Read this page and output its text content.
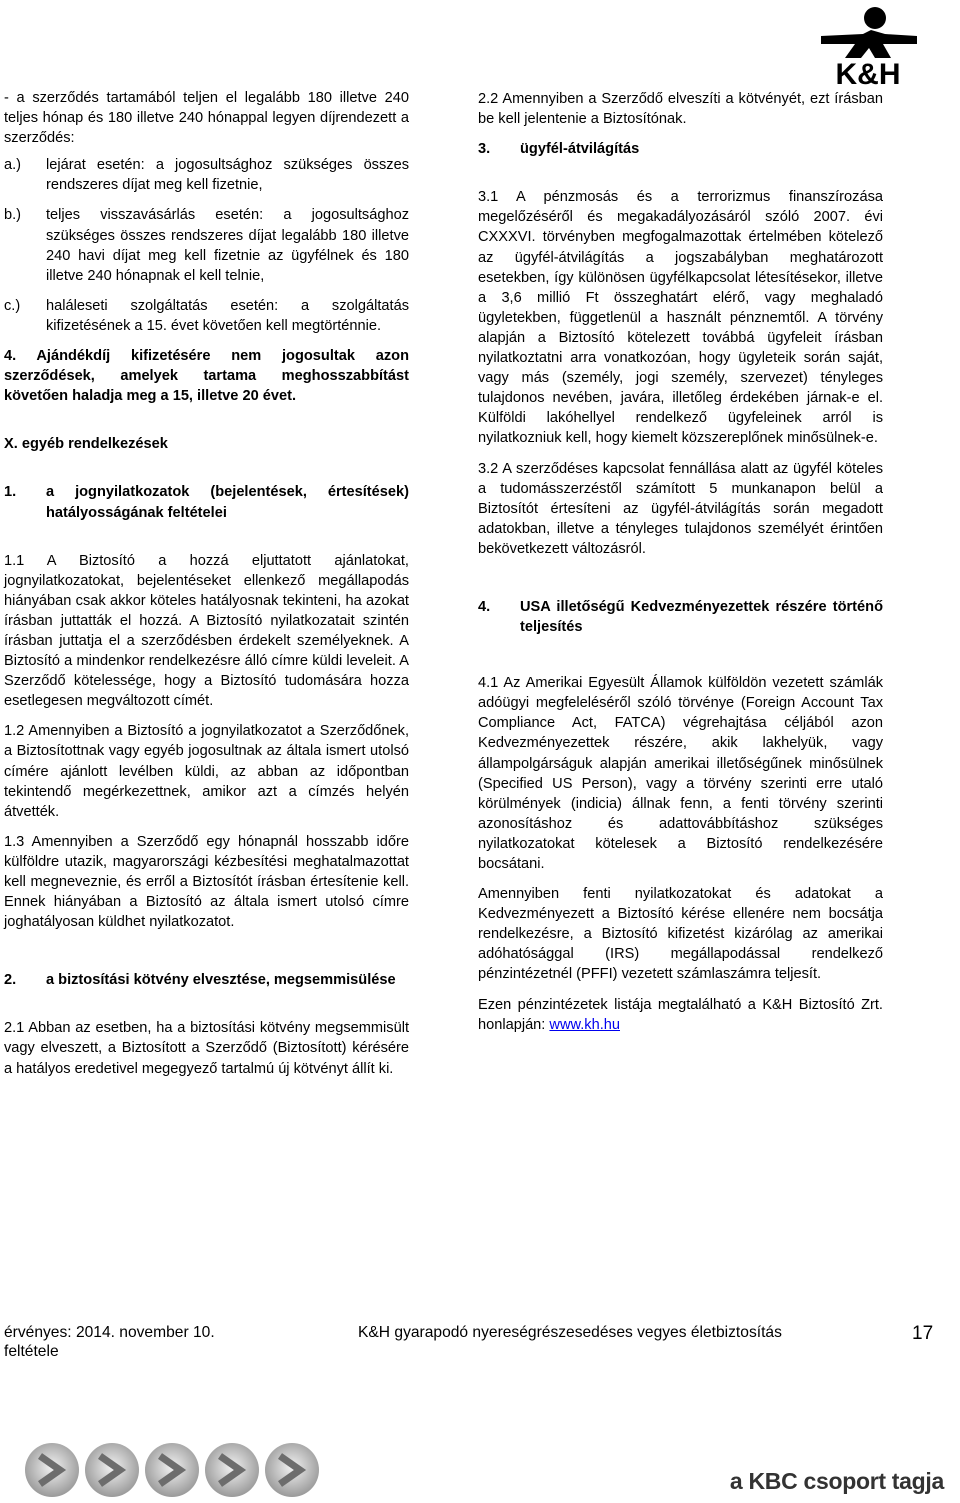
K&H

- a szerződés tartamából teljen el legalább 180 illetve 240 teljes hónap és 180 illetve 240 hónappal legyen díjrendezett a szerződés:

a.)	lejárat esetén: a jogosultsághoz szükséges összes rendszeres díjat meg kell fizetnie,
b.)	teljes visszavásárlás esetén: a jogosultsághoz szükséges összes rendszeres díjat legalább 180 illetve 240 havi díjat meg kell fizetnie az ügyfélnek és 180 illetve 240 hónapnak el kell telnie,
c.)	haláleseti szolgáltatás esetén: a szolgáltatás kifizetésének a 15. évet követően kell megtörténnie.

4. Ajándékdíj kifizetésére nem jogosultak azon szerződések, amelyek tartama meghosszabbítást követően haladja meg a 15, illetve 20 évet.

X. egyéb rendelkezések

1.	a jognyilatkozatok (bejelentések, értesítések) hatályosságának feltételei

1.1 A Biztosító a hozzá eljuttatott ajánlatokat, jognyilatkozatokat, bejelentéseket ellenkező megállapodás hiányában csak akkor köteles hatályosnak tekinteni, ha azokat írásban juttatták el hozzá. A Biztosító nyilatkozatait szintén írásban juttatja el a szerződésben érdekelt személyeknek. A Biztosító a mindenkor rendelkezésre álló címre küldi leveleit. A Szerződő kötelessége, hogy a Biztosító tudomására hozza esetlegesen megváltozott címét.

1.2 Amennyiben a Biztosító a jognyilatkozatot a Szerződőnek, a Biztosítottnak vagy egyéb jogosultnak az általa ismert utolsó címére ajánlott levélben küldi, az abban az időpontban tekintendő megérkezettnek, amikor azt a címzés helyén átvették.

1.3 Amennyiben a Szerződő egy hónapnál hosszabb időre külföldre utazik, magyarországi kézbesítési meghatalmazottat kell megneveznie, és erről a Biztosítót írásban értesítenie kell. Ennek hiányában a Biztosító az általa ismert utolsó címre joghatályosan küldhet nyilatkozatot.

2.	a biztosítási kötvény elvesztése, megsemmisülése

2.1 Abban az esetben, ha a biztosítási kötvény megsemmisült vagy elveszett, a Biztosított a Szerződő (Biztosított) kérésére a hatályos eredetivel megegyező tartalmú új kötvényt állít ki.

2.2 Amennyiben a Szerződő elveszíti a kötvényét, ezt írásban be kell jelentenie a Biztosítónak.

3.	ügyfél-átvilágítás

3.1 A pénzmosás és a terrorizmus finanszírozása megelőzéséről és megakadályozásáról szóló 2007. évi CXXXVI. törvényben megfogalmazottak értelmében kötelező az ügyfél-átvilágítás a jogszabályban meghatározott esetekben, így különösen ügyfélkapcsolat létesítésekor, illetve a 3,6 millió Ft összeghatárt elérő, vagy meghaladó ügyletekben, függetlenül a használt pénznemtől. A törvény alapján a Biztosító kötelezett továbbá ügyfeleit írásban nyilatkoztatni arra vonatkozóan, hogy ügyleteik során saját, vagy más (személy, jogi személy, szervezet) tényleges tulajdonos nevében, javára, illetőleg érdekében járnak-e el. Külföldi lakóhellyel rendelkező ügyfeleinek arról is nyilatkozniuk kell, hogy kiemelt közszereplőnek minősülnek-e.

3.2 A szerződéses kapcsolat fennállása alatt az ügyfél köteles a tudomásszerzéstől számított 5 munkanapon belül a Biztosítót értesíteni az ügyfél-átvilágítás során megadott adatokban, illetve a tényleges tulajdonos személyét érintően bekövetkezett változásról.

4.	USA illetőségű Kedvezményezettek részére történő teljesítés

4.1 Az Amerikai Egyesült Államok külföldön vezetett számlák adóügyi megfeleléséről szóló törvénye (Foreign Account Tax Compliance Act, FATCA) végrehajtása céljából azon Kedvezményezettek részére, akik lakhelyük, vagy állampolgárságuk alapján amerikai illetőségűnek minősülnek (Specified US Person), vagy a törvény szerinti erre utaló körülmények (indicia) állnak fenn, a fenti törvény szerinti azonosításhoz és adattovábbításhoz szükséges nyilatkozatokat kötelesek a Biztosító rendelkezésére bocsátani.

Amennyiben fenti nyilatkozatokat és adatokat a Kedvezményezett a Biztosító kérése ellenére nem bocsátja rendelkezésre, a Biztosító kifizetést kizárólag az amerikai adóhatósággal (IRS) megállapodással rendelkező pénzintézetnél (PFFI) vezetett számlaszámra teljesít.

Ezen pénzintézetek listája megtalálható a K&H Biztosító Zrt. honlapján: www.kh.hu

érvényes: 2014. november 10.
feltétele
K&H gyarapodó nyereségrészesedéses vegyes életbiztosítás	17
a KBC csoport tagja
